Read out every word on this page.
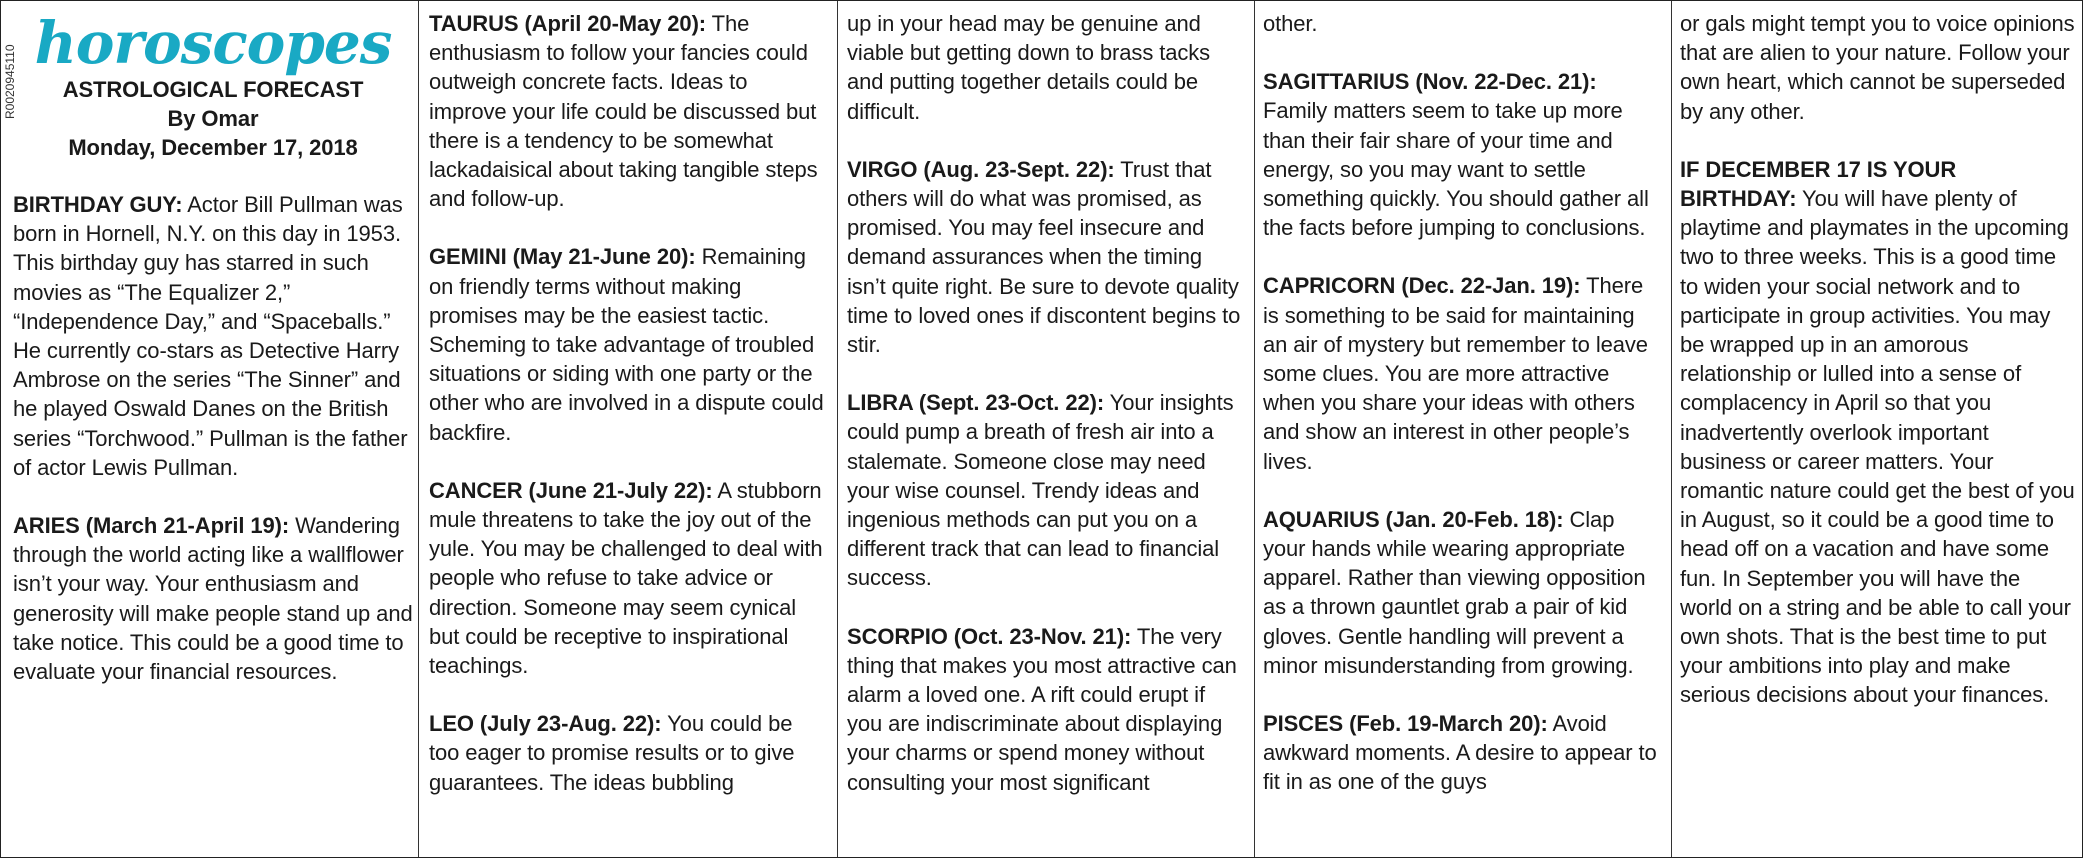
R0020945110
horoscopes
ASTROLOGICAL FORECAST
By Omar
Monday, December 17, 2018

BIRTHDAY GUY: Actor Bill Pullman was born in Hornell, N.Y. on this day in 1953. This birthday guy has starred in such movies as “The Equalizer 2,” “Independence Day,” and “Spaceballs.” He currently co-stars as Detective Harry Ambrose on the series “The Sinner” and he played Oswald Danes on the British series “Torchwood.” Pullman is the father of actor Lewis Pullman.

ARIES (March 21-April 19): Wandering through the world acting like a wallflower isn’t your way. Your enthusiasm and generosity will make people stand up and take notice. This could be a good time to evaluate your financial resources.

TAURUS (April 20-May 20): The enthusiasm to follow your fancies could outweigh concrete facts. Ideas to improve your life could be discussed but there is a tendency to be somewhat lackadaisical about taking tangible steps and follow-up.

GEMINI (May 21-June 20): Remaining on friendly terms without making promises may be the easiest tactic. Scheming to take advantage of troubled situations or siding with one party or the other who are involved in a dispute could backfire.

CANCER (June 21-July 22): A stubborn mule threatens to take the joy out of the yule. You may be challenged to deal with people who refuse to take advice or direction. Someone may seem cynical but could be receptive to inspirational teachings.

LEO (July 23-Aug. 22): You could be too eager to promise results or to give guarantees. The ideas bubbling

up in your head may be genuine and viable but getting down to brass tacks and putting together details could be difficult.

VIRGO (Aug. 23-Sept. 22): Trust that others will do what was promised, as promised. You may feel insecure and demand assurances when the timing isn’t quite right. Be sure to devote quality time to loved ones if discontent begins to stir.

LIBRA (Sept. 23-Oct. 22): Your insights could pump a breath of fresh air into a stalemate. Someone close may need your wise counsel. Trendy ideas and ingenious methods can put you on a different track that can lead to financial success.

SCORPIO (Oct. 23-Nov. 21): The very thing that makes you most attractive can alarm a loved one. A rift could erupt if you are indiscriminate about displaying your charms or spend money without consulting your most significant

other.

SAGITTARIUS (Nov. 22-Dec. 21): Family matters seem to take up more than their fair share of your time and energy, so you may want to settle something quickly. You should gather all the facts before jumping to conclusions.

CAPRICORN (Dec. 22-Jan. 19): There is something to be said for maintaining an air of mystery but remember to leave some clues. You are more attractive when you share your ideas with others and show an interest in other people’s lives.

AQUARIUS (Jan. 20-Feb. 18): Clap your hands while wearing appropriate apparel. Rather than viewing opposition as a thrown gauntlet grab a pair of kid gloves. Gentle handling will prevent a minor misunderstanding from growing.

PISCES (Feb. 19-March 20): Avoid awkward moments. A desire to appear to fit in as one of the guys

or gals might tempt you to voice opinions that are alien to your nature. Follow your own heart, which cannot be superseded by any other.

IF DECEMBER 17 IS YOUR BIRTHDAY: You will have plenty of playtime and playmates in the upcoming two to three weeks. This is a good time to widen your social network and to participate in group activities. You may be wrapped up in an amorous relationship or lulled into a sense of complacency in April so that you inadvertently overlook important business or career matters. Your romantic nature could get the best of you in August, so it could be a good time to head off on a vacation and have some fun. In September you will have the world on a string and be able to call your own shots. That is the best time to put your ambitions into play and make serious decisions about your finances.
